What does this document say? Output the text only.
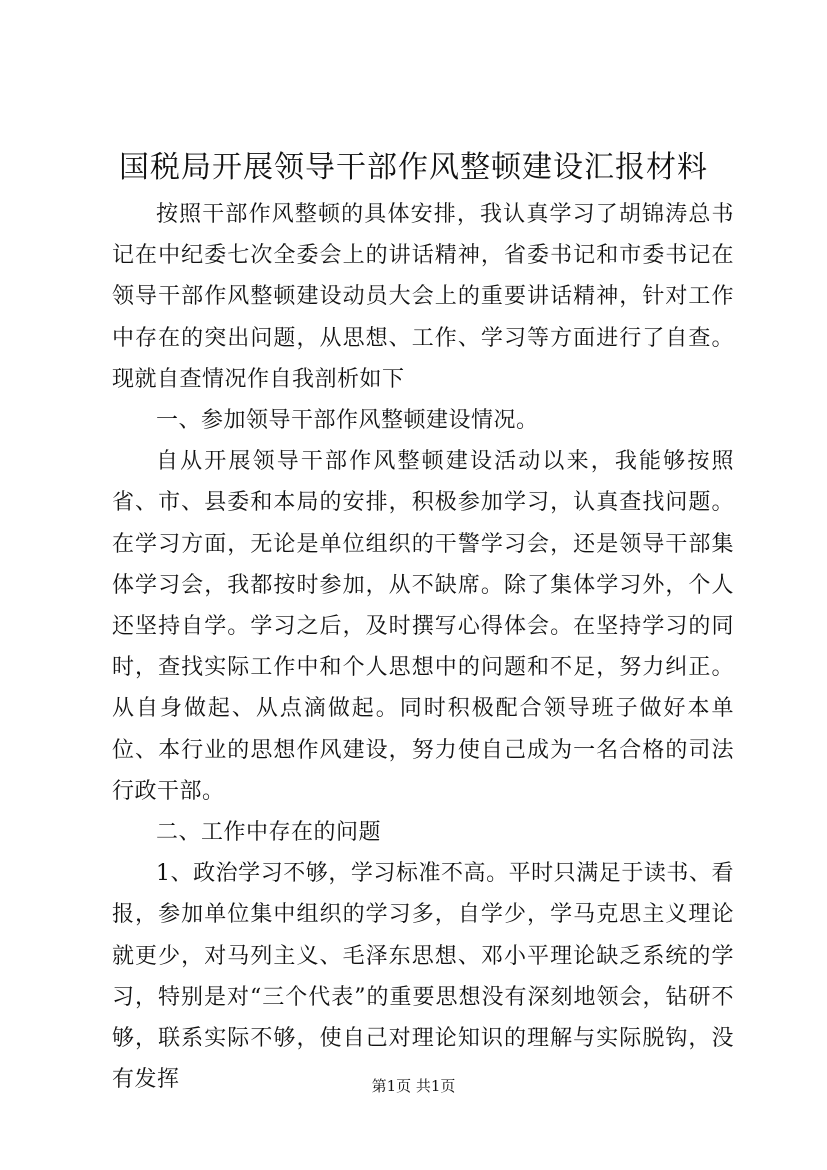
国税局开展领导干部作风整顿建设汇报材料

按照干部作风整顿的具体安排，我认真学习了胡锦涛总书记在中纪委七次全委会上的讲话精神，省委书记和市委书记在领导干部作风整顿建设动员大会上的重要讲话精神，针对工作中存在的突出问题，从思想、工作、学习等方面进行了自查。现就自查情况作自我剖析如下

一、参加领导干部作风整顿建设情况。

自从开展领导干部作风整顿建设活动以来，我能够按照省、市、县委和本局的安排，积极参加学习，认真查找问题。在学习方面，无论是单位组织的干警学习会，还是领导干部集体学习会，我都按时参加，从不缺席。除了集体学习外，个人还坚持自学。学习之后，及时撰写心得体会。在坚持学习的同时，查找实际工作中和个人思想中的问题和不足，努力纠正。从自身做起、从点滴做起。同时积极配合领导班子做好本单位、本行业的思想作风建设，努力使自己成为一名合格的司法行政干部。

二、工作中存在的问题

1、政治学习不够，学习标准不高。平时只满足于读书、看报，参加单位集中组织的学习多，自学少，学马克思主义理论就更少，对马列主义、毛泽东思想、邓小平理论缺乏系统的学习，特别是对“三个代表”的重要思想没有深刻地领会，钻研不够，联系实际不够，使自己对理论知识的理解与实际脱钩，没有发挥	第1页 共1页
